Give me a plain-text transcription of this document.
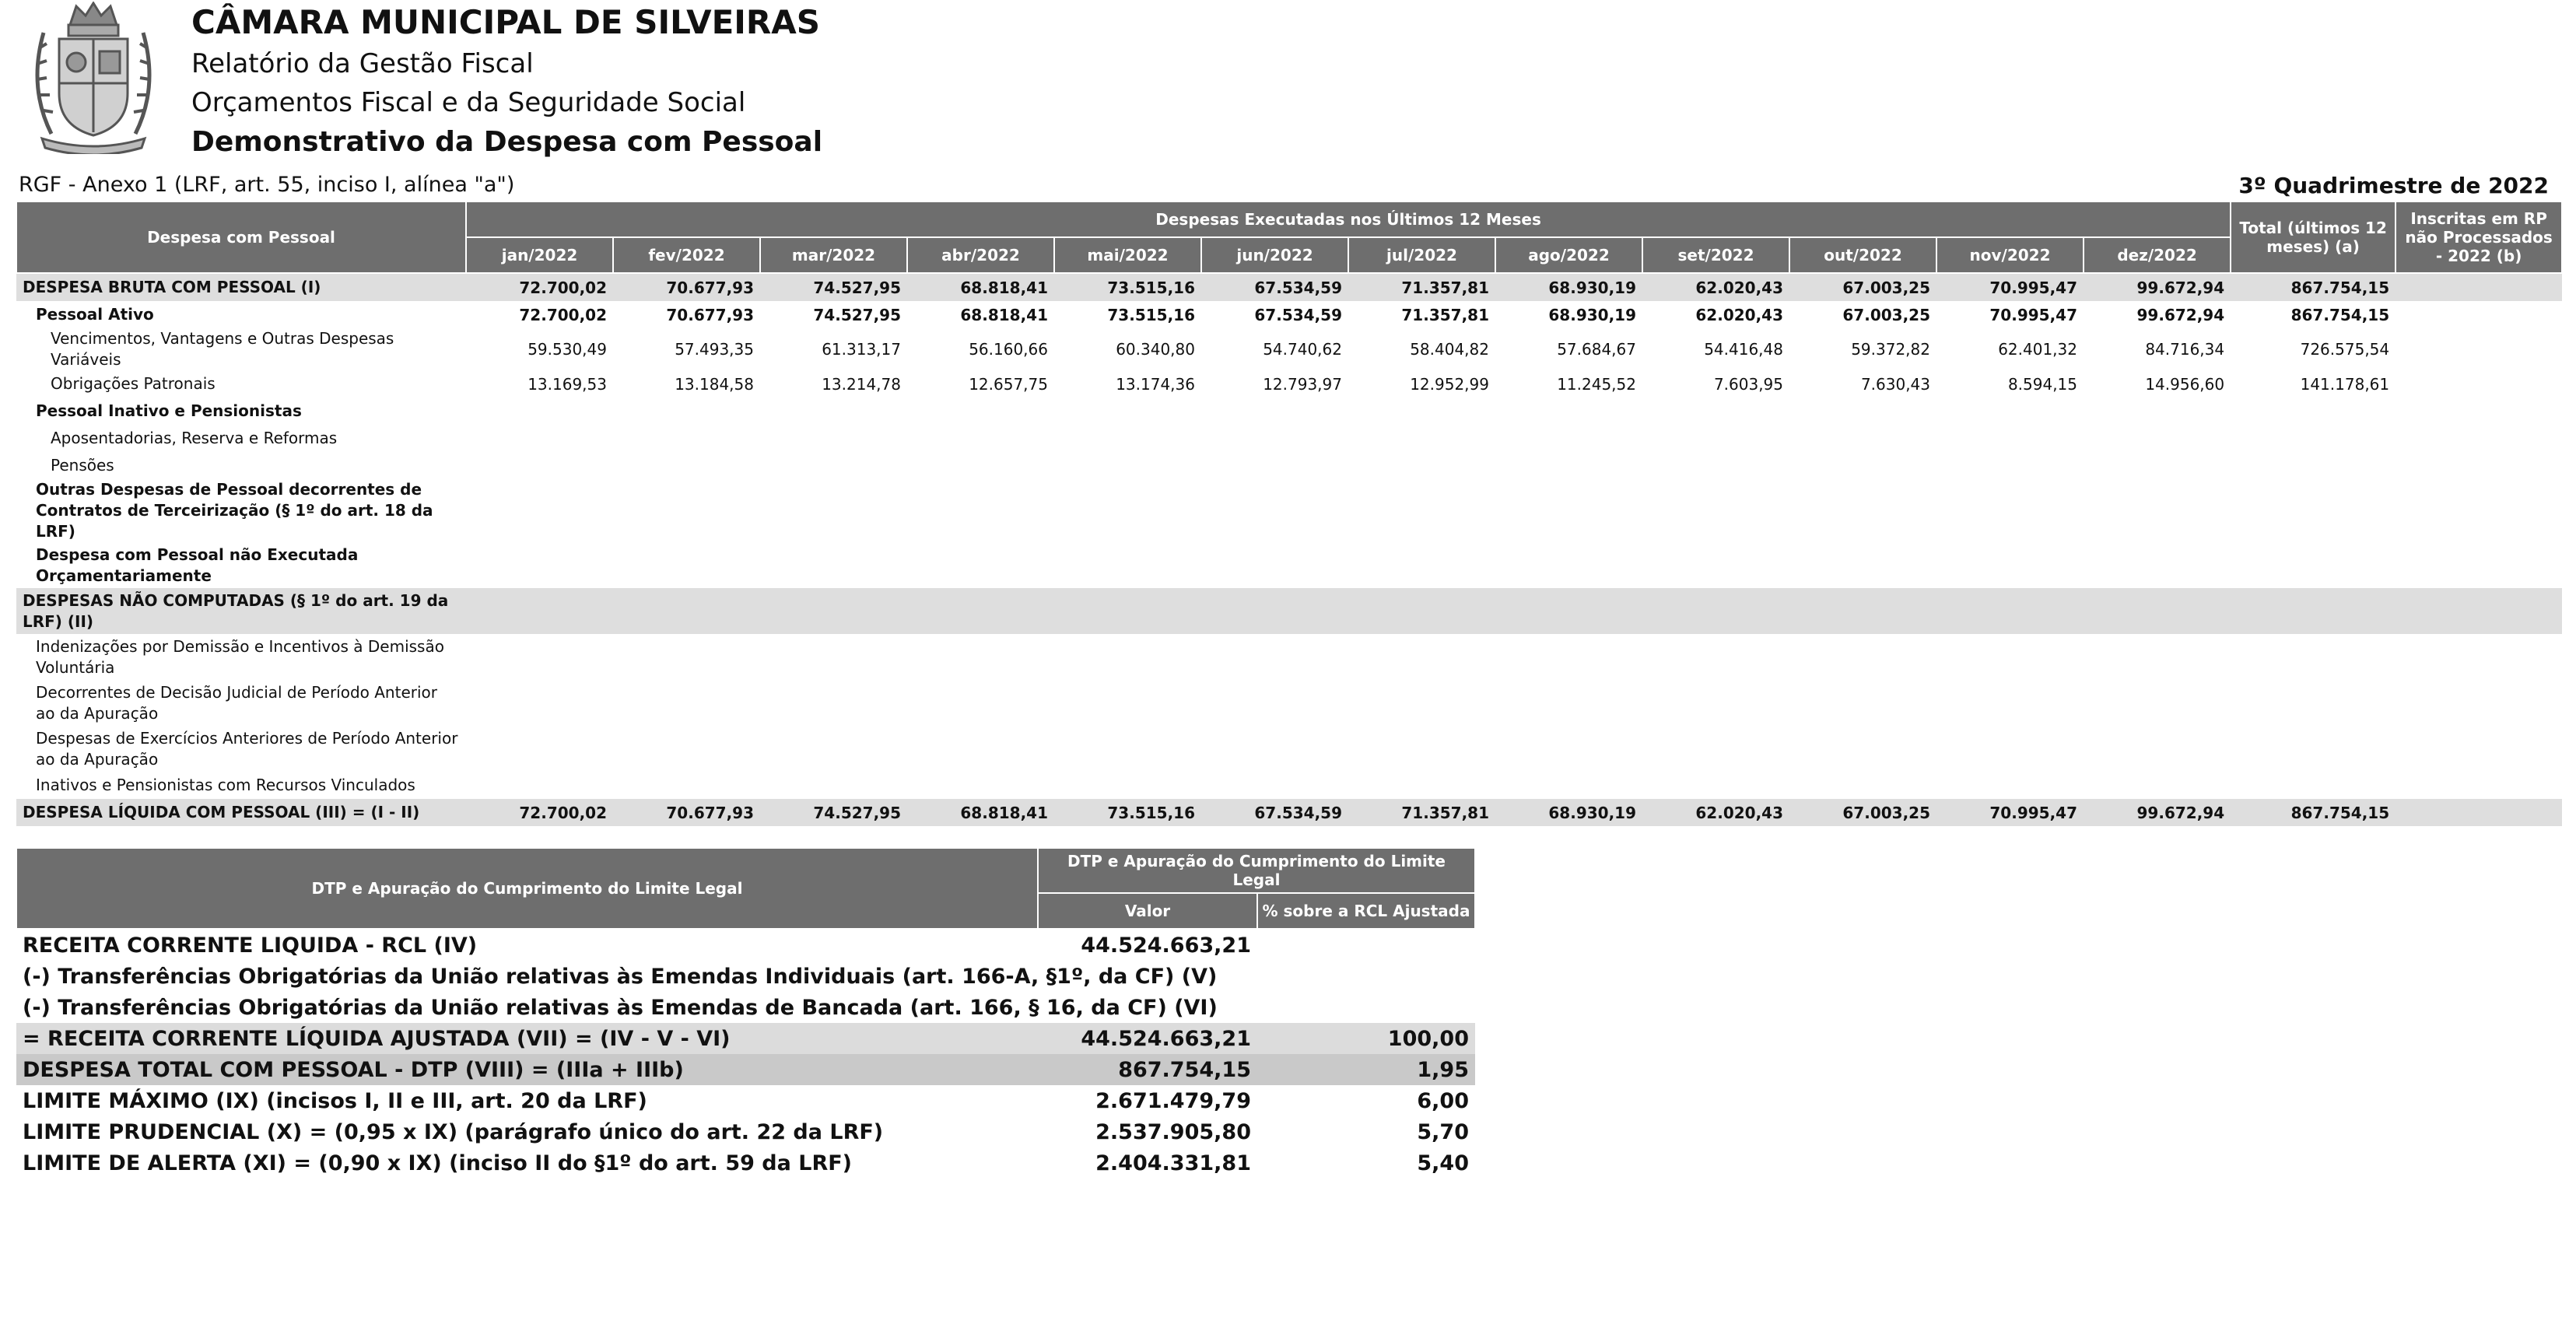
CÂMARA MUNICIPAL DE SILVEIRAS
Relatório da Gestão Fiscal
Orçamentos Fiscal e da Seguridade Social
Demonstrativo da Despesa com Pessoal
RGF - Anexo 1 (LRF, art. 55, inciso I, alínea "a")	3º Quadrimestre de 2022
Despesa com Pessoal	Despesas Executadas nos Últimos 12 Meses												Total (últimos 12 meses) (a)	Inscritas em RP não Processados - 2022 (b)
	jan/2022	fev/2022	mar/2022	abr/2022	mai/2022	jun/2022	jul/2022	ago/2022	set/2022	out/2022	nov/2022	dez/2022		
DESPESA BRUTA COM PESSOAL (I)	72.700,02	70.677,93	74.527,95	68.818,41	73.515,16	67.534,59	71.357,81	68.930,19	62.020,43	67.003,25	70.995,47	99.672,94	867.754,15	
Pessoal Ativo	72.700,02	70.677,93	74.527,95	68.818,41	73.515,16	67.534,59	71.357,81	68.930,19	62.020,43	67.003,25	70.995,47	99.672,94	867.754,15	
Vencimentos, Vantagens e Outras Despesas Variáveis	59.530,49	57.493,35	61.313,17	56.160,66	60.340,80	54.740,62	58.404,82	57.684,67	54.416,48	59.372,82	62.401,32	84.716,34	726.575,54	
Obrigações Patronais	13.169,53	13.184,58	13.214,78	12.657,75	13.174,36	12.793,97	12.952,99	11.245,52	7.603,95	7.630,43	8.594,15	14.956,60	141.178,61	
Pessoal Inativo e Pensionistas														
Aposentadorias, Reserva e Reformas														
Pensões														
Outras Despesas de Pessoal decorrentes de Contratos de Terceirização (§ 1º do art. 18 da LRF)														
Despesa com Pessoal não Executada Orçamentariamente														
DESPESAS NÃO COMPUTADAS (§ 1º do art. 19 da LRF) (II)														
Indenizações por Demissão e Incentivos à Demissão Voluntária														
Decorrentes de Decisão Judicial de Período Anterior ao da Apuração														
Despesas de Exercícios Anteriores de Período Anterior ao da Apuração														
Inativos e Pensionistas com Recursos Vinculados														
DESPESA LÍQUIDA COM PESSOAL (III) = (I - II)	72.700,02	70.677,93	74.527,95	68.818,41	73.515,16	67.534,59	71.357,81	68.930,19	62.020,43	67.003,25	70.995,47	99.672,94	867.754,15	
DTP e Apuração do Cumprimento do Limite Legal	DTP e Apuração do Cumprimento do Limite Legal	
	Valor	% sobre a RCL Ajustada
RECEITA CORRENTE LIQUIDA - RCL (IV)	44.524.663,21	
(-) Transferências Obrigatórias da União relativas às Emendas Individuais (art. 166-A, §1º, da CF) (V)		
(-) Transferências Obrigatórias da União relativas às Emendas de Bancada (art. 166, § 16, da CF) (VI)		
= RECEITA CORRENTE LÍQUIDA AJUSTADA (VII) = (IV - V - VI)	44.524.663,21	100,00
DESPESA TOTAL COM PESSOAL - DTP (VIII) = (IIIa + IIIb)	867.754,15	1,95
LIMITE MÁXIMO (IX) (incisos I, II e III, art. 20 da LRF)	2.671.479,79	6,00
LIMITE PRUDENCIAL (X) = (0,95 x IX) (parágrafo único do art. 22 da LRF)	2.537.905,80	5,70
LIMITE DE ALERTA (XI) = (0,90 x IX) (inciso II do §1º do art. 59 da LRF)	2.404.331,81	5,40
